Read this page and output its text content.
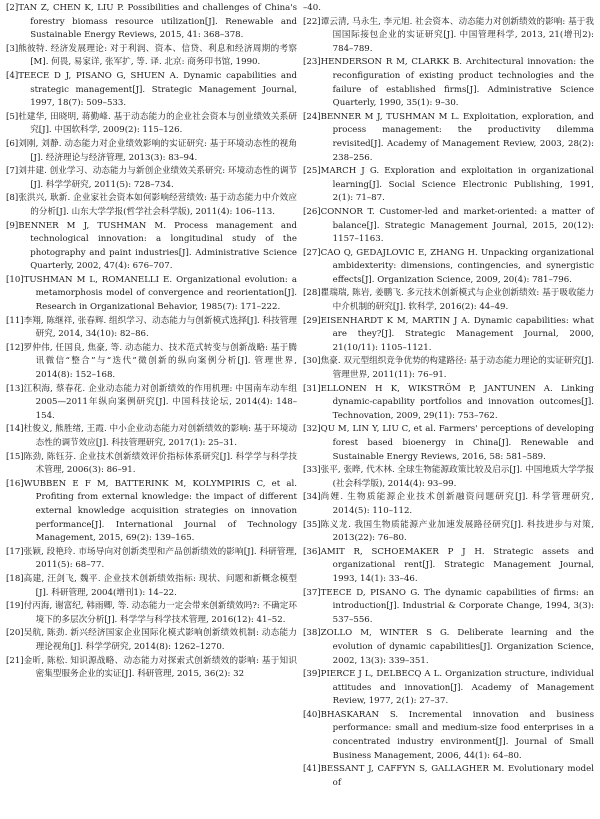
[2] TAN Z, CHEN K, LIU P. Possibilities and challenges of China's forestry biomass resource utilization[J]. Renewable and Sustainable Energy Reviews, 2015, 41: 368–378.
[3] 熊彼特. 经济发展理论: 对于利润、资本、信贷、利息和经济周期的考察[M]. 何畏, 易家详, 张军扩, 等. 译. 北京: 商务印书馆, 1990.
[4] TEECE D J, PISANO G, SHUEN A. Dynamic capabilities and strategic management[J]. Strategic Management Journal, 1997, 18(7): 509–533.
[5] 杜建华, 田晓明, 蒋勤峰. 基于动态能力的企业社会资本与创业绩效关系研究[J]. 中国软科学, 2009(2): 115–126.
[6] 刘刚, 刘静. 动态能力对企业绩效影响的实证研究: 基于环境动态性的视角[J]. 经济理论与经济管理, 2013(3): 83–94.
[7] 刘井建. 创业学习、动态能力与新创企业绩效关系研究: 环境动态性的调节[J]. 科学学研究, 2011(5): 728–734.
[8] 张洪兴, 耿新. 企业家社会资本如何影响经营绩效: 基于动态能力中介效应的分析[J]. 山东大学学报(哲学社会科学版), 2011(4): 106–113.
[9] BENNER M J, TUSHMAN M. Process management and technological innovation: a longitudinal study of the photography and paint industries[J]. Administrative Science Quarterly, 2002, 47(4): 676–707.
[10] TUSHMAN M L, ROMANELLI E. Organizational evolution: a metamorphosis model of convergence and reorientation[J]. Research in Organizational Behavior, 1985(7): 171–222.
[11] 李翔, 陈继祥, 张春辉. 组织学习、动态能力与创新模式选择[J]. 科技管理研究, 2014, 34(10): 82–86.
[12] 罗仲伟, 任国良, 焦豪, 等. 动态能力、技术范式转变与创新战略: 基于腾讯微信“整合”与“迭代”微创新的纵向案例分析[J]. 管理世界, 2014(8): 152–168.
[13] 江积海, 蔡春花. 企业动态能力对创新绩效的作用机理: 中国南车动车组2005—2011年纵向案例研究[J]. 中国科技论坛, 2014(4): 148–154.
[14] 杜俊义, 熊胜绪, 王霞. 中小企业动态能力对创新绩效的影响: 基于环境动态性的调节效应[J]. 科技管理研究, 2017(1): 25–31.
[15] 陈劲, 陈钰芬. 企业技术创新绩效评价指标体系研究[J]. 科学学与科学技术管理, 2006(3): 86–91.
[16] WUBBEN E F M, BATTERINK M, KOLYMPIRIS C, et al. Profiting from external knowledge: the impact of different external knowledge acquisition strategies on innovation performance[J]. International Journal of Technology Management, 2015, 69(2): 139–165.
[17] 张颖, 段艳玲. 市场导向对创新类型和产品创新绩效的影响[J]. 科研管理, 2011(5): 68–77.
[18] 高建, 汪剑飞, 魏平. 企业技术创新绩效指标: 现状、问题和新概念模型[J]. 科研管理, 2004(增刊1): 14–22.
[19] 付丙海, 谢富纪, 韩雨卿, 等. 动态能力一定会带来创新绩效吗?: 不确定环境下的多层次分析[J]. 科学学与科学技术管理, 2016(12): 41–52.
[20] 吴航, 陈劲. 新兴经济国家企业国际化模式影响创新绩效机制: 动态能力理论视角[J]. 科学学研究, 2014(8): 1262–1270.
[21] 金昕, 陈松. 知识源战略、动态能力对探索式创新绩效的影响: 基于知识密集型服务企业的实证[J]. 科研管理, 2015, 36(2): 32
–40.
[22] 谭云清, 马永生, 李元旭. 社会资本、动态能力对创新绩效的影响: 基于我国国际接包企业的实证研究[J]. 中国管理科学, 2013, 21(增刊2): 784–789.
[23] HENDERSON R M, CLARKK B. Architectural innovation: the reconfiguration of existing product technologies and the failure of established firms[J]. Administrative Science Quarterly, 1990, 35(1): 9–30.
[24] BENNER M J, TUSHMAN M L. Exploitation, exploration, and process management: the productivity dilemma revisited[J]. Academy of Management Review, 2003, 28(2): 238–256.
[25] MARCH J G. Exploration and exploitation in organizational learning[J]. Social Science Electronic Publishing, 1991, 2(1): 71–87.
[26] CONNOR T. Customer-led and market-oriented: a matter of balance[J]. Strategic Management Journal, 2015, 20(12): 1157–1163.
[27] CAO Q, GEDAJLOVIC E, ZHANG H. Unpacking organizational ambidexterity: dimensions, contingencies, and synergistic effects[J]. Organization Science, 2009, 20(4): 781–796.
[28] 瞿瑞瑞, 陈岩, 姜鹏飞. 多元技术创新模式与企业创新绩效: 基于吸收能力中介机制的研究[J]. 软科学, 2016(2): 44–49.
[29] EISENHARDT K M, MARTIN J A. Dynamic capabilities: what are they?[J]. Strategic Management Journal, 2000, 21(10/11): 1105–1121.
[30] 焦豪. 双元型组织竞争优势的构建路径: 基于动态能力理论的实证研究[J]. 管理世界, 2011(11): 76–91.
[31] ELLONEN H K, WIKSTRÖM P, JANTUNEN A. Linking dynamic-capability portfolios and innovation outcomes[J]. Technovation, 2009, 29(11): 753–762.
[32] QU M, LIN Y, LIU C, et al. Farmers' perceptions of developing forest based bioenergy in China[J]. Renewable and Sustainable Energy Reviews, 2016, 58: 581–589.
[33] 张平, 张晔, 代木林. 全球生物能源政策比较及启示[J]. 中国地质大学学报(社会科学版), 2014(4): 93–99.
[34] 尚娌. 生物质能源企业技术创新融资问题研究[J]. 科学管理研究, 2014(5): 110–112.
[35] 陈义龙. 我国生物质能源产业加速发展路径研究[J]. 科技进步与对策, 2013(22): 76–80.
[36] AMIT R, SCHOEMAKER P J H. Strategic assets and organizational rent[J]. Strategic Management Journal, 1993, 14(1): 33–46.
[37] TEECE D, PISANO G. The dynamic capabilities of firms: an introduction[J]. Industrial & Corporate Change, 1994, 3(3): 537–556.
[38] ZOLLO M, WINTER S G. Deliberate learning and the evolution of dynamic capabilities[J]. Organization Science, 2002, 13(3): 339–351.
[39] PIERCE J L, DELBECQ A L. Organization structure, individual attitudes and innovation[J]. Academy of Management Review, 1977, 2(1): 27–37.
[40] BHASKARAN S. Incremental innovation and business performance: small and medium-size food enterprises in a concentrated industry environment[J]. Journal of Small Business Management, 2006, 44(1): 64–80.
[41] BESSANT J, CAFFYN S, GALLAGHER M. Evolutionary model of
